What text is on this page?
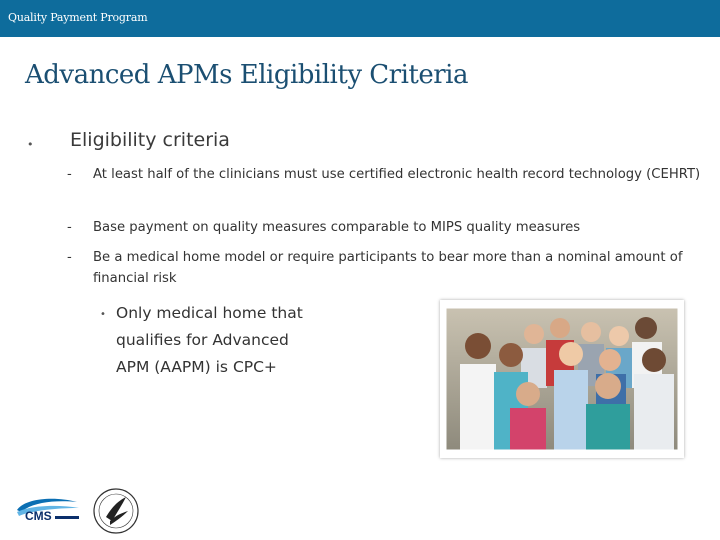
Quality Payment Program
Advanced APMs Eligibility Criteria
• Eligibility criteria
-	At least half of the clinicians must use certified electronic health record technology (CEHRT)
-	Base payment on quality measures comparable to MIPS quality measures
-	Be a medical home model or require participants to bear more than a nominal amount of financial risk
• Only medical home that qualifies for Advanced APM (AAPM) is CPC+
CMS
